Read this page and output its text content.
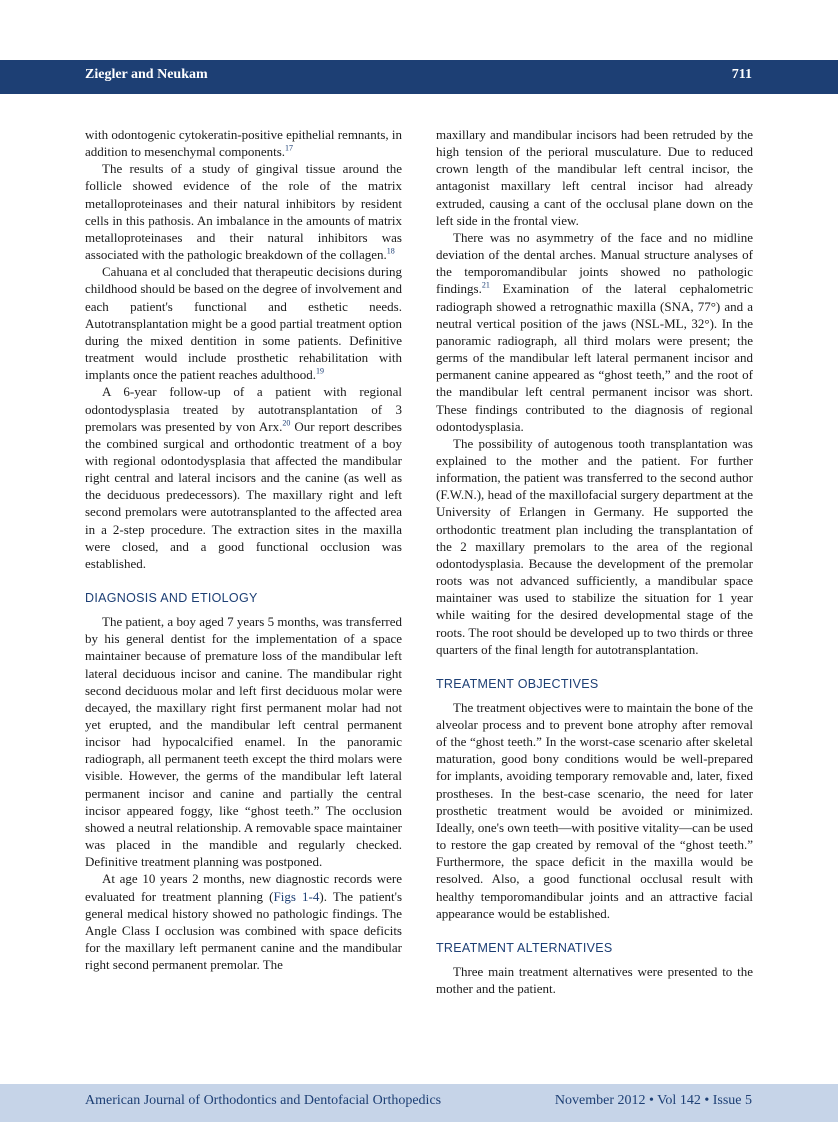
Ziegler and Neukam	711

with odontogenic cytokeratin-positive epithelial remnants, in addition to mesenchymal components.$^{17}$

The results of a study of gingival tissue around the follicle showed evidence of the role of the matrix metalloproteinases and their natural inhibitors by resident cells in this pathosis. An imbalance in the amounts of matrix metalloproteinases and their natural inhibitors was associated with the pathologic breakdown of the collagen.$^{18}$

Cahuana et al concluded that therapeutic decisions during childhood should be based on the degree of involvement and each patient's functional and esthetic needs. Autotransplantation might be a good partial treatment option during the mixed dentition in some patients. Definitive treatment would include prosthetic rehabilitation with implants once the patient reaches adulthood.$^{19}$

A 6-year follow-up of a patient with regional odontodysplasia treated by autotransplantation of 3 premolars was presented by von Arx.$^{20}$ Our report describes the combined surgical and orthodontic treatment of a boy with regional odontodysplasia that affected the mandibular right central and lateral incisors and the canine (as well as the deciduous predecessors). The maxillary right and left second premolars were autotransplanted to the affected area in a 2-step procedure. The extraction sites in the maxilla were closed, and a good functional occlusion was established.

DIAGNOSIS AND ETIOLOGY

The patient, a boy aged 7 years 5 months, was transferred by his general dentist for the implementation of a space maintainer because of premature loss of the mandibular left lateral deciduous incisor and canine. The mandibular right second deciduous molar and left first deciduous molar were decayed, the maxillary right first permanent molar had not yet erupted, and the mandibular left central permanent incisor had hypocalcified enamel. In the panoramic radiograph, all permanent teeth except the third molars were visible. However, the germs of the mandibular left lateral permanent incisor and canine and partially the central incisor appeared foggy, like “ghost teeth.” The occlusion showed a neutral relationship. A removable space maintainer was placed in the mandible and regularly checked. Definitive treatment planning was postponed.

At age 10 years 2 months, new diagnostic records were evaluated for treatment planning (Figs 1-4). The patient's general medical history showed no pathologic findings. The Angle Class I occlusion was combined with space deficits for the maxillary left permanent canine and the mandibular right second permanent premolar. The

maxillary and mandibular incisors had been retruded by the high tension of the perioral musculature. Due to reduced crown length of the mandibular left central incisor, the antagonist maxillary left central incisor had already extruded, causing a cant of the occlusal plane down on the left side in the frontal view.

There was no asymmetry of the face and no midline deviation of the dental arches. Manual structure analyses of the temporomandibular joints showed no pathologic findings.$^{21}$ Examination of the lateral cephalometric radiograph showed a retrognathic maxilla (SNA, 77°) and a neutral vertical position of the jaws (NSL-ML, 32°). In the panoramic radiograph, all third molars were present; the germs of the mandibular left lateral permanent incisor and permanent canine appeared as “ghost teeth,” and the root of the mandibular left central permanent incisor was short. These findings contributed to the diagnosis of regional odontodysplasia.

The possibility of autogenous tooth transplantation was explained to the mother and the patient. For further information, the patient was transferred to the second author (F.W.N.), head of the maxillofacial surgery department at the University of Erlangen in Germany. He supported the orthodontic treatment plan including the transplantation of the 2 maxillary premolars to the area of the regional odontodysplasia. Because the development of the premolar roots was not advanced sufficiently, a mandibular space maintainer was used to stabilize the situation for 1 year while waiting for the desired developmental stage of the roots. The root should be developed up to two thirds or three quarters of the final length for autotransplantation.

TREATMENT OBJECTIVES

The treatment objectives were to maintain the bone of the alveolar process and to prevent bone atrophy after removal of the “ghost teeth.” In the worst-case scenario after skeletal maturation, good bony conditions would be well-prepared for implants, avoiding temporary removable and, later, fixed prostheses. In the best-case scenario, the need for later prosthetic treatment would be avoided or minimized. Ideally, one's own teeth—with positive vitality—can be used to restore the gap created by removal of the “ghost teeth.” Furthermore, the space deficit in the maxilla would be resolved. Also, a good functional occlusal result with healthy temporomandibular joints and an attractive facial appearance would be established.

TREATMENT ALTERNATIVES

Three main treatment alternatives were presented to the mother and the patient.

American Journal of Orthodontics and Dentofacial Orthopedics	November 2012 • Vol 142 • Issue 5
